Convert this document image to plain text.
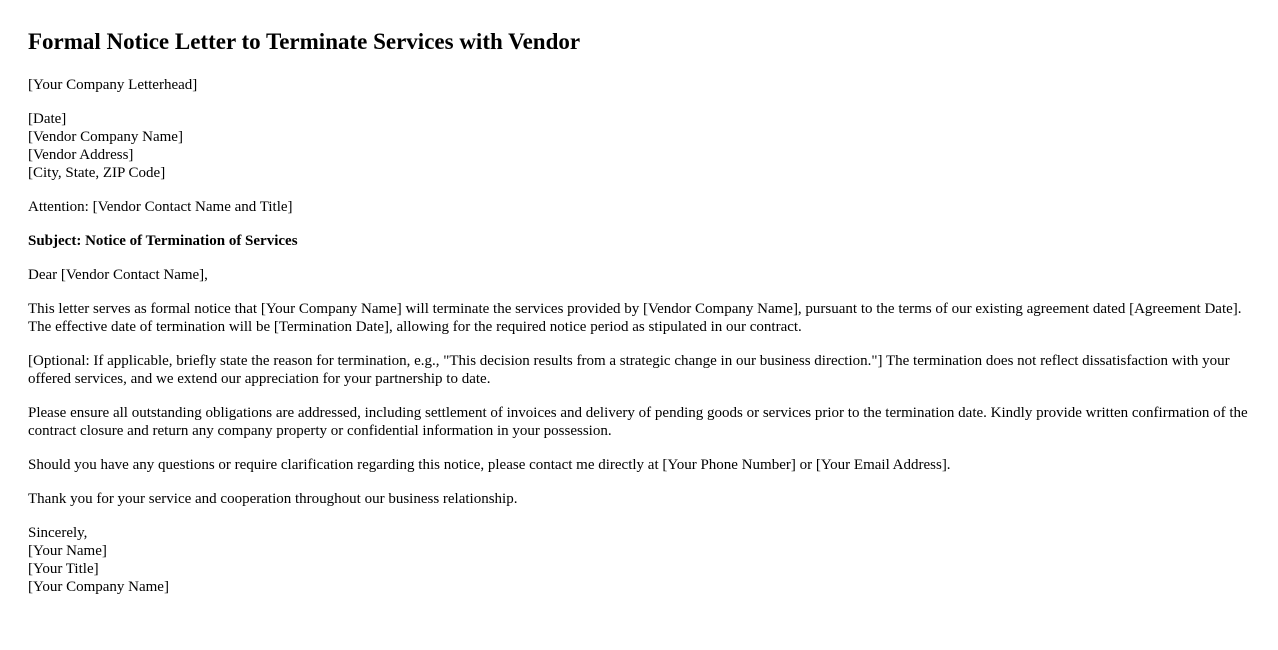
Formal Notice Letter to Terminate Services with Vendor

[Your Company Letterhead]

[Date]
[Vendor Company Name]
[Vendor Address]
[City, State, ZIP Code]

Attention: [Vendor Contact Name and Title]

Subject: Notice of Termination of Services

Dear [Vendor Contact Name],

This letter serves as formal notice that [Your Company Name] will terminate the services provided by [Vendor Company Name], pursuant to the terms of our existing agreement dated [Agreement Date]. The effective date of termination will be [Termination Date], allowing for the required notice period as stipulated in our contract.

[Optional: If applicable, briefly state the reason for termination, e.g., "This decision results from a strategic change in our business direction."] The termination does not reflect dissatisfaction with your offered services, and we extend our appreciation for your partnership to date.

Please ensure all outstanding obligations are addressed, including settlement of invoices and delivery of pending goods or services prior to the termination date. Kindly provide written confirmation of the contract closure and return any company property or confidential information in your possession.

Should you have any questions or require clarification regarding this notice, please contact me directly at [Your Phone Number] or [Your Email Address].

Thank you for your service and cooperation throughout our business relationship.

Sincerely,
[Your Name]
[Your Title]
[Your Company Name]
